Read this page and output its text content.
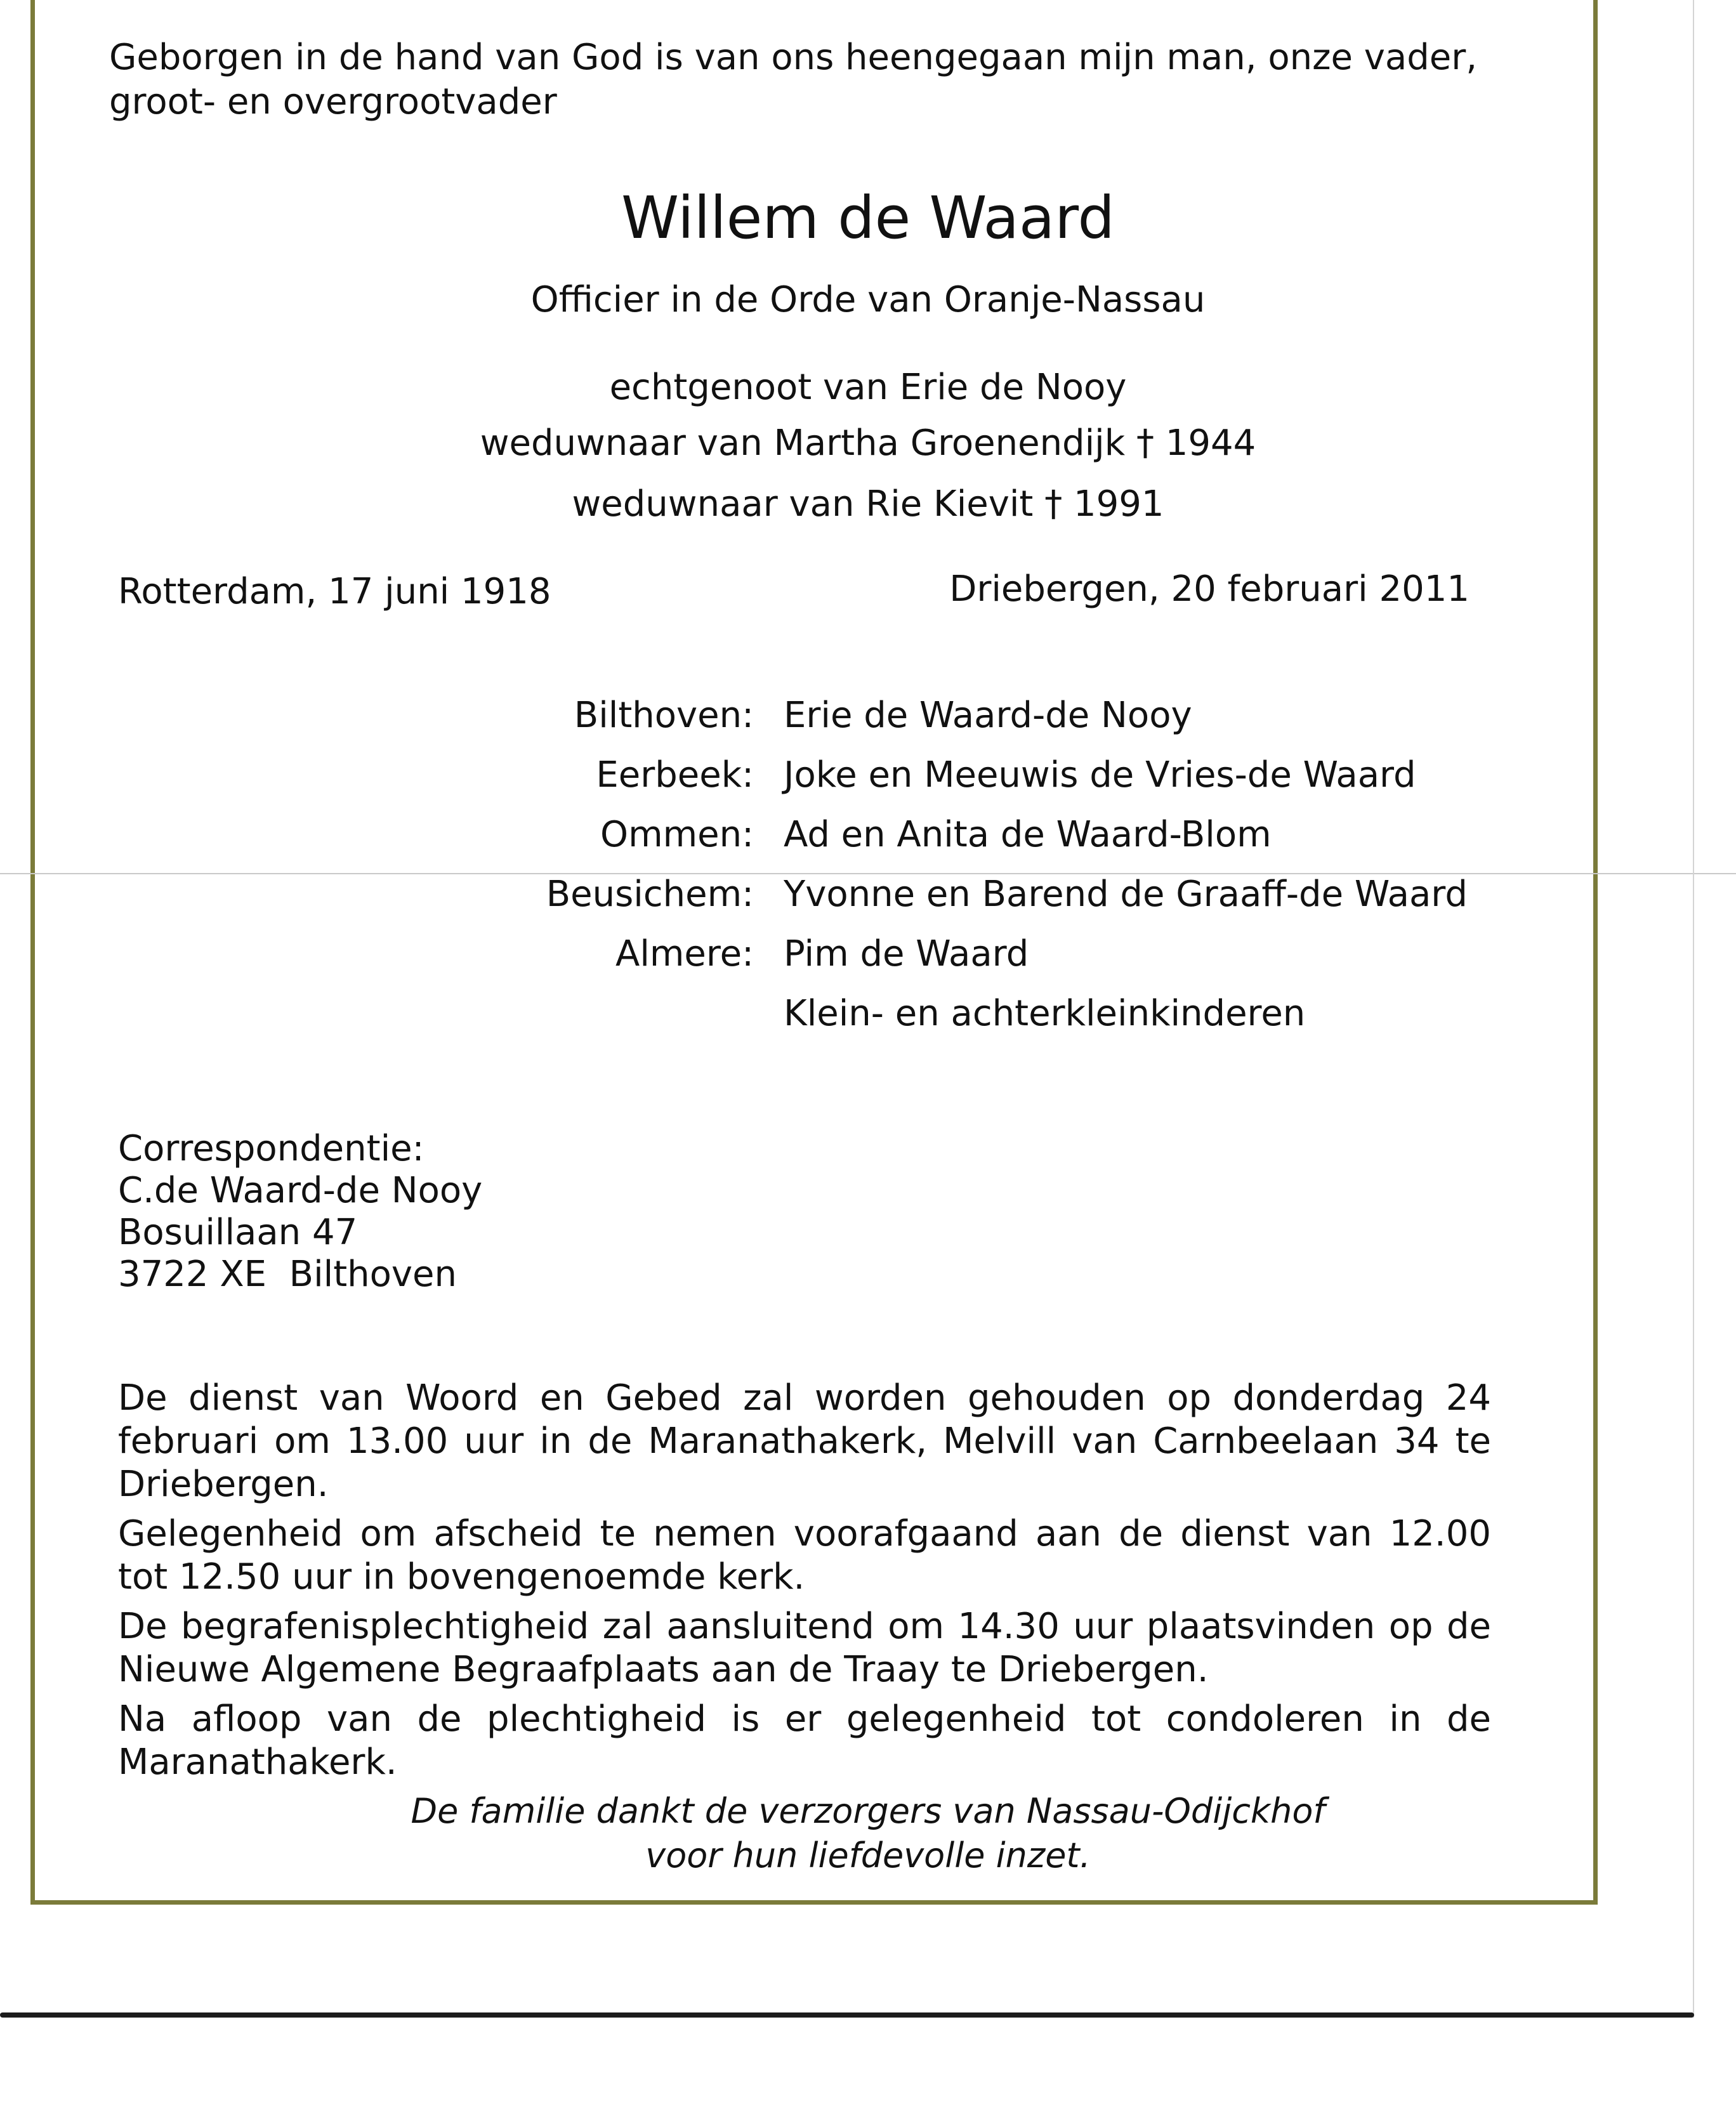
Geborgen in de hand van God is van ons heengegaan mijn man, onze vader, groot- en overgrootvader
Willem de Waard
Officier in de Orde van Oranje-Nassau
echtgenoot van Erie de Nooy
weduwnaar van Martha Groenendijk † 1944
weduwnaar van Rie Kievit † 1991
Rotterdam, 17 juni 1918	Driebergen, 20 februari 2011
Bilthoven: Erie de Waard-de Nooy
Eerbeek: Joke en Meeuwis de Vries-de Waard
Ommen: Ad en Anita de Waard-Blom
Beusichem: Yvonne en Barend de Graaff-de Waard
Almere: Pim de Waard
Klein- en achterkleinkinderen
Correspondentie:
C.de Waard-de Nooy
Bosuillaan 47
3722 XE  Bilthoven

De dienst van Woord en Gebed zal worden gehouden op donderdag 24 februari om 13.00 uur in de Maranathakerk, Melvill van Carnbeelaan 34 te Driebergen.

Gelegenheid om afscheid te nemen voorafgaand aan de dienst van 12.00 tot 12.50 uur in bovengenoemde kerk.

De begrafenisplechtigheid zal aansluitend om 14.30 uur plaatsvinden op de Nieuwe Algemene Begraafplaats aan de Traay te Driebergen.

Na afloop van de plechtigheid is er gelegenheid tot condoleren in de Maranathakerk.

De familie dankt de verzorgers van Nassau-Odijckhof
voor hun liefdevolle inzet.
